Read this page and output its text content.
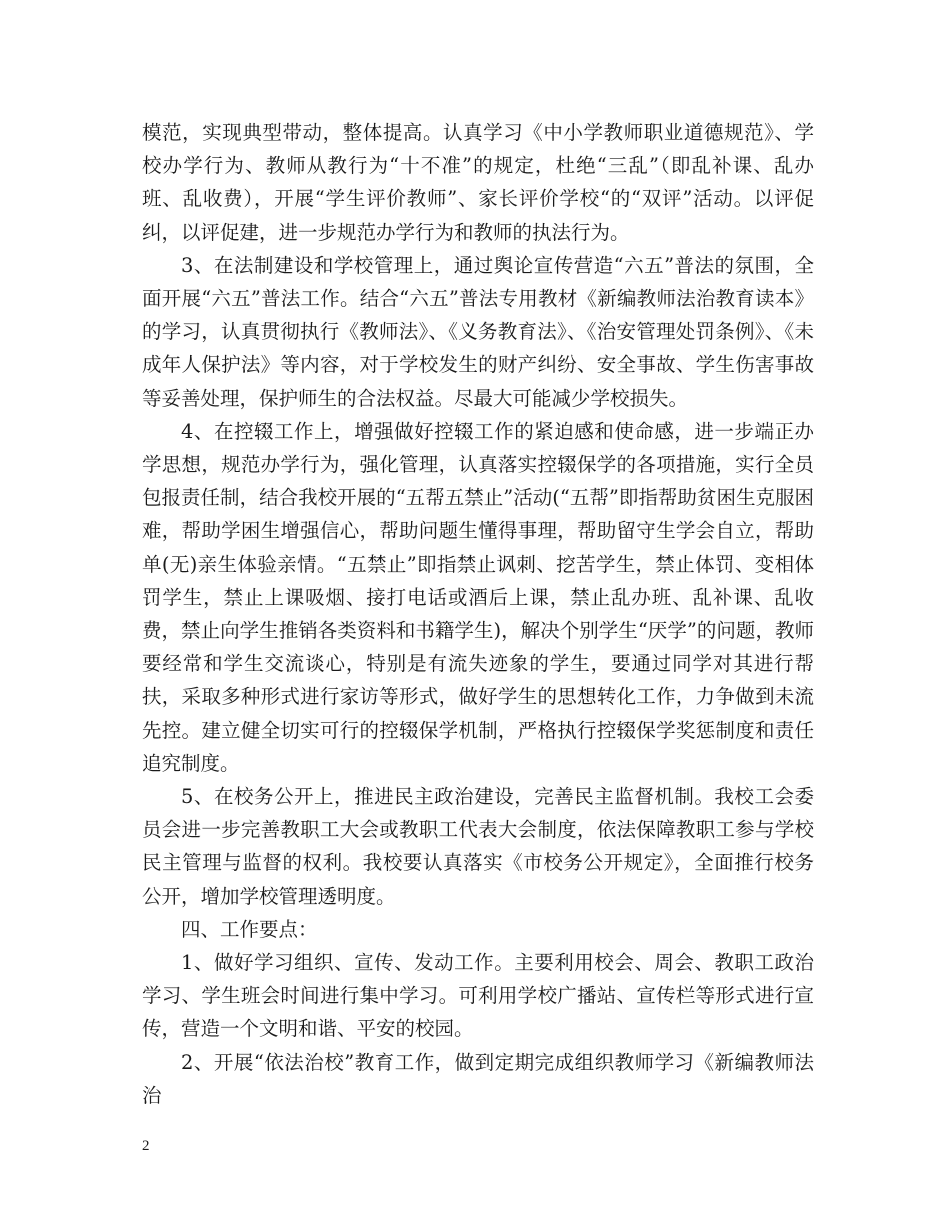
模范，实现典型带动，整体提高。认真学习《中小学教师职业道德规范》、学校办学行为、教师从教行为“十不准”的规定，杜绝“三乱”（即乱补课、乱办班、乱收费），开展“学生评价教师”、家长评价学校“的“双评”活动。以评促纠，以评促建，进一步规范办学行为和教师的执法行为。

3、在法制建设和学校管理上，通过舆论宣传营造“六五”普法的氛围，全面开展“六五”普法工作。结合“六五”普法专用教材《新编教师法治教育读本》的学习，认真贯彻执行《教师法》、《义务教育法》、《治安管理处罚条例》、《未成年人保护法》等内容，对于学校发生的财产纠纷、安全事故、学生伤害事故等妥善处理，保护师生的合法权益。尽最大可能减少学校损失。

4、在控辍工作上，增强做好控辍工作的紧迫感和使命感，进一步端正办学思想，规范办学行为，强化管理，认真落实控辍保学的各项措施，实行全员包报责任制，结合我校开展的“五帮五禁止”活动(“五帮”即指帮助贫困生克服困难，帮助学困生增强信心，帮助问题生懂得事理，帮助留守生学会自立，帮助单(无)亲生体验亲情。“五禁止”即指禁止讽刺、挖苦学生，禁止体罚、变相体罚学生，禁止上课吸烟、接打电话或酒后上课，禁止乱办班、乱补课、乱收费，禁止向学生推销各类资料和书籍学生)，解决个别学生“厌学”的问题，教师要经常和学生交流谈心，特别是有流失迹象的学生，要通过同学对其进行帮扶，采取多种形式进行家访等形式，做好学生的思想转化工作，力争做到未流先控。建立健全切实可行的控辍保学机制，严格执行控辍保学奖惩制度和责任追究制度。

5、在校务公开上，推进民主政治建设，完善民主监督机制。我校工会委员会进一步完善教职工大会或教职工代表大会制度，依法保障教职工参与学校民主管理与监督的权利。我校要认真落实《市校务公开规定》，全面推行校务公开，增加学校管理透明度。

四、工作要点：

1、做好学习组织、宣传、发动工作。主要利用校会、周会、教职工政治学习、学生班会时间进行集中学习。可利用学校广播站、宣传栏等形式进行宣传，营造一个文明和谐、平安的校园。

2、开展“依法治校”教育工作，做到定期完成组织教师学习《新编教师法治

2
